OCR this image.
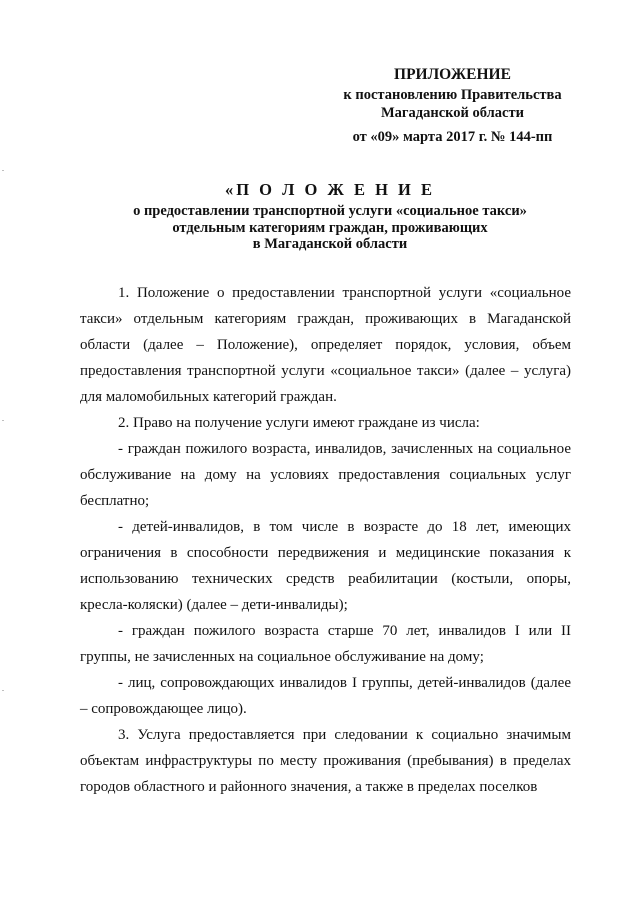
ПРИЛОЖЕНИЕ
к постановлению Правительства
Магаданской области
от «09» марта 2017 г. № 144-пп
«П О Л О Ж Е Н И Е
о предоставлении транспортной услуги «социальное такси»
отдельным категориям граждан, проживающих
в Магаданской области

1. Положение о предоставлении транспортной услуги «социальное такси» отдельным категориям граждан, проживающих в Магаданской области (далее – Положение), определяет порядок, условия, объем предоставления транспортной услуги «социальное такси» (далее – услуга) для маломобильных категорий граждан.

2. Право на получение услуги имеют граждане из числа:

- граждан пожилого возраста, инвалидов, зачисленных на социальное обслуживание на дому на условиях предоставления социальных услуг бесплатно;

- детей-инвалидов, в том числе в возрасте до 18 лет, имеющих ограничения в способности передвижения и медицинские показания к использованию технических средств реабилитации (костыли, опоры, кресла-коляски) (далее – дети-инвалиды);

- граждан пожилого возраста старше 70 лет, инвалидов I или II группы, не зачисленных на социальное обслуживание на дому;

- лиц, сопровождающих инвалидов I группы, детей-инвалидов (далее – сопровождающее лицо).

3. Услуга предоставляется при следовании к социально значимым объектам инфраструктуры по месту проживания (пребывания) в пределах городов областного и районного значения, а также в пределах поселков
